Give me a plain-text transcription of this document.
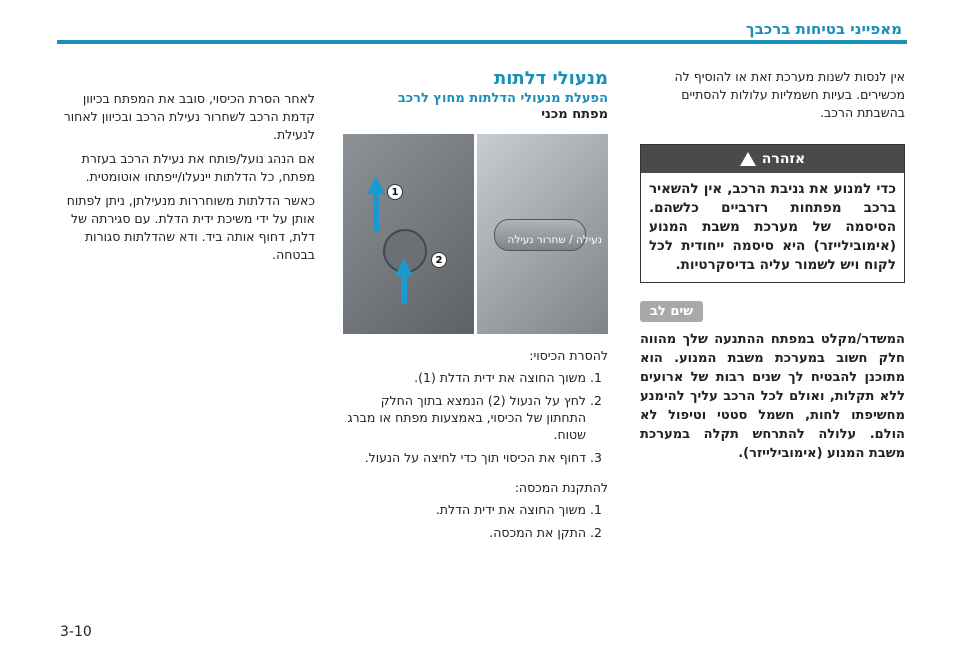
מאפייני בטיחות ברכבך

אין לנסות לשנות מערכת זאת או להוסיף לה מכשירים. בעיות חשמליות עלולות להסתיים בהשבתת הרכב.

אזהרה
כדי למנוע את גניבת הרכב, אין להשאיר ברכב מפתחות רזרביים כלשהם. הסיסמה של מערכת משבת המנוע (אימובילייזר) היא סיסמה ייחודית לכל לקוח ויש לשמור עליה בדיסקרטיות.
שים לב
המשדר/מקלט במפתח ההתנעה שלך מהווה חלק חשוב במערכת משבת המנוע. הוא מתוכנן להבטיח לך שנים רבות של ארועים ללא תקלות, ואולם לכל הרכב עליך להימנע מחשיפתו לחות, חשמל סטטי וטיפול לא הולם. עלולה להתרחש תקלה במערכת משבת המנוע (אימובילייזר).
מנעולי דלתות
הפעלת מנעולי הדלתות מחוץ לרכב
מפתח מכני
נעילה / שחרור נעילה
1
2
להסרת הכיסוי:
1. משוך החוצה את ידית הדלת (1).
2. לחץ על הנעול (2) הנמצא בתוך החלק התחתון של הכיסוי, באמצעות מפתח או מברג שטוח.
3. דחוף את הכיסוי תוך כדי לחיצה על הנעול.
להתקנת המכסה:
1. משוך החוצה את ידית הדלת.
2. התקן את המכסה.

לאחר הסרת הכיסוי, סובב את המפתח בכיוון קדמת הרכב לשחרור נעילת הרכב ובכיוון לאחור לנעילת.

אם הנהג נועל/פותח את נעילת הרכב בעזרת מפתח, כל הדלתות יינעלו/ייפתחו אוטומטית.

כאשר הדלתות משוחררות מנעילתן, ניתן לפתוח אותן על ידי משיכת ידית הדלת. עם סגירתה של דלת, דחוף אותה ביד. ודא שהדלתות סגורות בבטחה.

3-10
